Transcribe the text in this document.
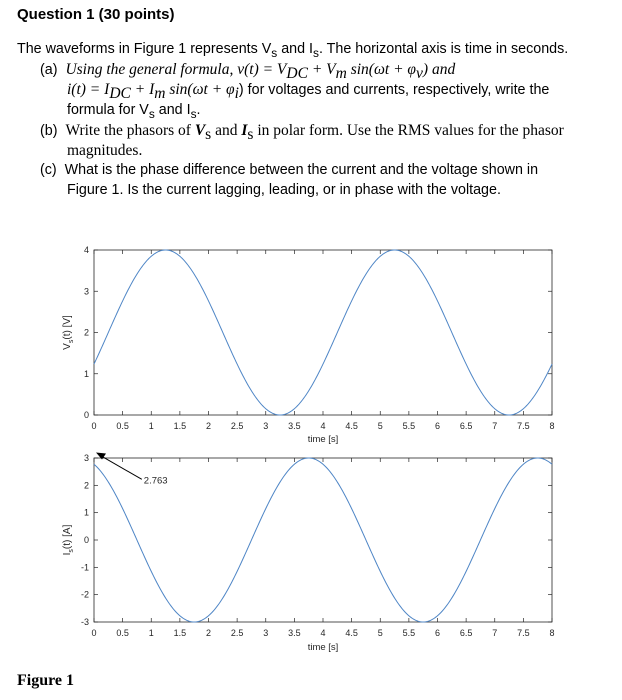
Question 1 (30 points)
The waveforms in Figure 1 represents $V_s$ and $I_s$. The horizontal axis is time in seconds.
(a) Using the general formula, $v(t) = V_{DC} + V_m$ $\sin(\omega t + \varphi_v)$ and
$i(t) = I_{DC} + I_m$ $\sin(\omega t + \varphi_i)$ for voltages and currents, respectively, write the
formula for $V_s$ and $I_s$.
(b) Write the phasors of $V_s$ and $I_s$ in polar form. Use the RMS values for the phasor
magnitudes.
(c) What is the phase difference between the current and the voltage shown in
Figure 1. Is the current lagging, leading, or in phase with the voltage.
0 0.5 1 1.5 2 2.5 3 3.5 4 4.5 5 5.5 6 6.5 7 7.5 8
0
1
2
3
4
time [s]
$V_s(t)$ [V]
0 0.5 1 1.5 2 2.5 3 3.5 4 4.5 5 5.5 6 6.5 7 7.5 8
-3
-2
-1
0
1
2
3
time [s]
$I_s(t)$ [A]
2.763
Figure 1
